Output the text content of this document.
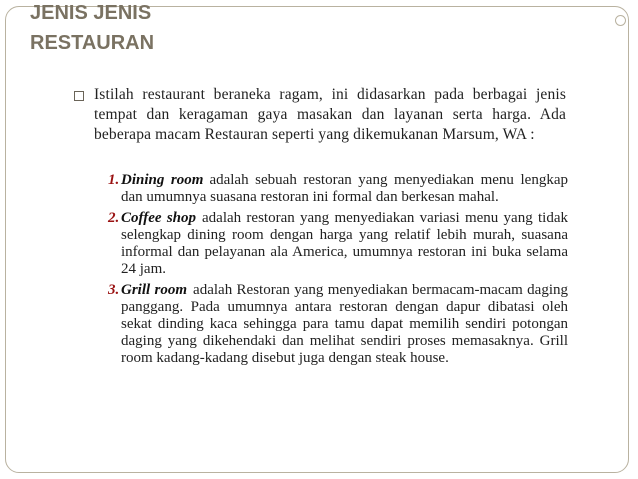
JENIS JENIS
RESTAURAN

Istilah restaurant beraneka ragam, ini didasarkan pada berbagai jenis tempat dan keragaman gaya masakan dan layanan serta harga. Ada beberapa macam Restauran seperti yang dikemukanan Marsum, WA :

1. Dining room adalah sebuah restoran yang menyediakan menu lengkap dan umumnya suasana restoran ini formal dan berkesan mahal.
2. Coffee shop adalah restoran yang menyediakan variasi menu yang tidak selengkap dining room dengan harga yang relatif lebih murah, suasana informal dan pelayanan ala America, umumnya restoran ini buka selama 24 jam.
3. Grill room adalah Restoran yang menyediakan bermacam-macam daging panggang. Pada umumnya antara restoran dengan dapur dibatasi oleh sekat dinding kaca sehingga para tamu dapat memilih sendiri potongan daging yang dikehendaki dan melihat sendiri proses memasaknya. Grill room kadang-kadang disebut juga dengan steak house.
